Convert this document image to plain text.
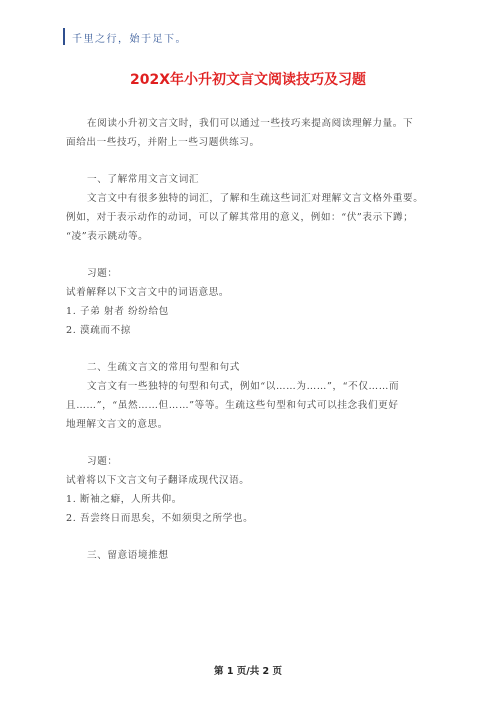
千里之行，始于足下。
202X年小升初文言文阅读技巧及习题
在阅读小升初文言文时，我们可以通过一些技巧来提高阅读理解力量。下
面给出一些技巧，并附上一些习题供练习。
一、了解常用文言文词汇
文言文中有很多独特的词汇，了解和生疏这些词汇对理解文言文格外重要。
例如，对于表示动作的动词，可以了解其常用的意义，例如：“伏”表示下蹲；
“凌”表示跳动等。
习题：
试着解释以下文言文中的词语意思。
1. 子弟 射者 纷纷给包
2. 漠疏而不掠
二、生疏文言文的常用句型和句式
文言文有一些独特的句型和句式，例如“以……为……”，“不仅……而
且……”，“虽然……但……”等等。生疏这些句型和句式可以挂念我们更好
地理解文言文的意思。
习题：
试着将以下文言文句子翻译成现代汉语。
1. 断袖之癖，人所共仰。
2. 吾尝终日而思矣，不如须臾之所学也。
三、留意语境推想
第 1 页/共 2 页
